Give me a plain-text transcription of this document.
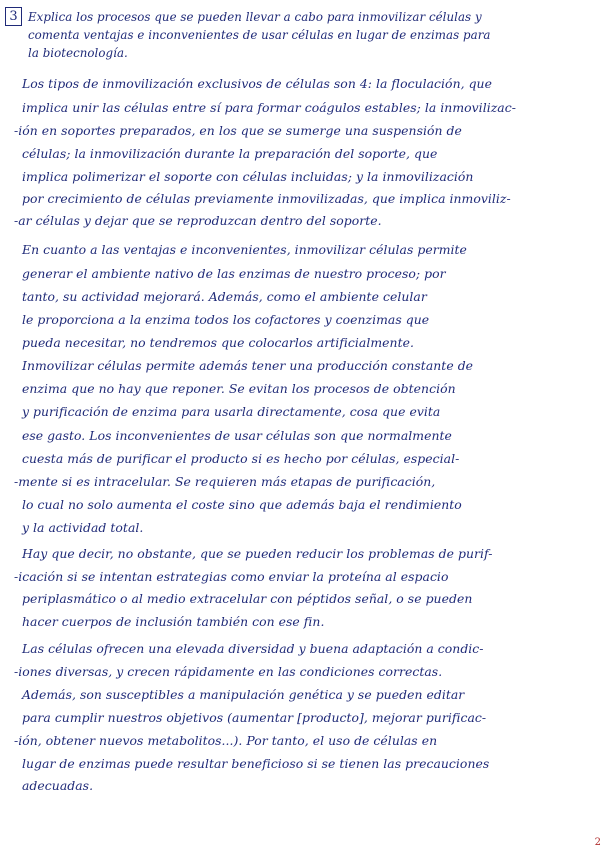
3 Explica los procesos que se pueden llevar a cabo para inmovilizar células y
comenta ventajas e inconvenientes de usar células en lugar de enzimas para
la biotecnología.
Los tipos de inmovilización exclusivos de células son 4: la floculación, que
implica unir las células entre sí para formar coágulos estables; la inmovilizac-
-ión en soportes preparados, en los que se sumerge una suspensión de
células; la inmovilización durante la preparación del soporte, que
implica polimerizar el soporte con células incluidas; y la inmovilización
por crecimiento de células previamente inmovilizadas, que implica inmoviliz-
-ar células y dejar que se reproduzcan dentro del soporte.
En cuanto a las ventajas e inconvenientes, inmovilizar células permite
generar el ambiente nativo de las enzimas de nuestro proceso; por
tanto, su actividad mejorará. Además, como el ambiente celular
le proporciona a la enzima todos los cofactores y coenzimas que
pueda necesitar, no tendremos que colocarlos artificialmente.
Inmovilizar células permite además tener una producción constante de
enzima que no hay que reponer. Se evitan los procesos de obtención
y purificación de enzima para usarla directamente, cosa que evita
ese gasto. Los inconvenientes de usar células son que normalmente
cuesta más de purificar el producto si es hecho por células, especial-
-mente si es intracelular. Se requieren más etapas de purificación,
lo cual no solo aumenta el coste sino que además baja el rendimiento
y la actividad total.
Hay que decir, no obstante, que se pueden reducir los problemas de purif-
-icación si se intentan estrategias como enviar la proteína al espacio
periplasmático o al medio extracelular con péptidos señal, o se pueden
hacer cuerpos de inclusión también con ese fin.
Las células ofrecen una elevada diversidad y buena adaptación a condic-
-iones diversas, y crecen rápidamente en las condiciones correctas.
Además, son susceptibles a manipulación genética y se pueden editar
para cumplir nuestros objetivos (aumentar [producto], mejorar purificac-
-ión, obtener nuevos metabolitos...). Por tanto, el uso de células en
lugar de enzimas puede resultar beneficioso si se tienen las precauciones
adecuadas.
2
